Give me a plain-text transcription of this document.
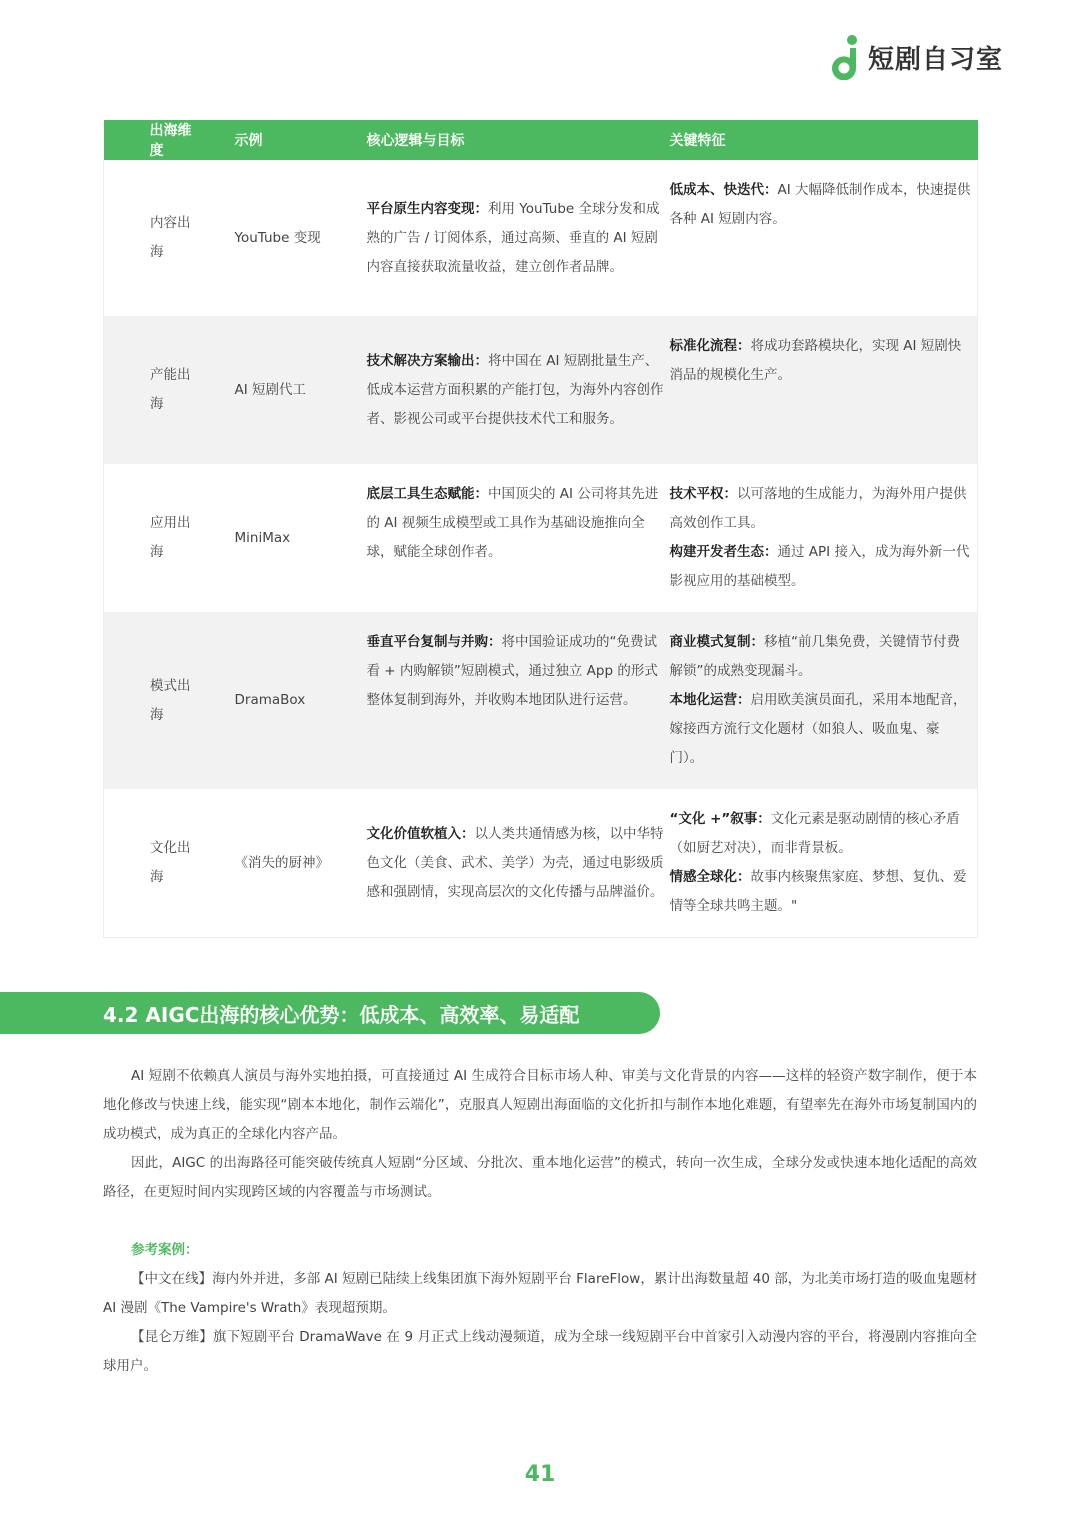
短剧自习室
出海维度	示例	核心逻辑与目标	关键特征
内容出海	YouTube 变现	平台原生内容变现：利用 YouTube 全球分发和成熟的广告 / 订阅体系，通过高频、垂直的 AI 短剧内容直接获取流量收益，建立创作者品牌。	低成本、快迭代：AI 大幅降低制作成本，快速提供各种 AI 短剧内容。

产能出海	AI 短剧代工	技术解决方案输出：将中国在 AI 短剧批量生产、低成本运营方面积累的产能打包，为海外内容创作者、影视公司或平台提供技术代工和服务。	标准化流程：将成功套路模块化，实现 AI 短剧快消品的规模化生产。

应用出海	MiniMax	底层工具生态赋能：中国顶尖的 AI 公司将其先进的 AI 视频生成模型或工具作为基础设施推向全球，赋能全球创作者。	技术平权：以可落地的生成能力，为海外用户提供高效创作工具。
构建开发者生态：通过 API 接入，成为海外新一代影视应用的基础模型。

模式出海	DramaBox	垂直平台复制与并购：将中国验证成功的“免费试看 + 内购解锁”短剧模式，通过独立 App 的形式整体复制到海外，并收购本地团队进行运营。	商业模式复制：移植“前几集免费，关键情节付费解锁”的成熟变现漏斗。
本地化运营：启用欧美演员面孔，采用本地配音，嫁接西方流行文化题材（如狼人、吸血鬼、豪门）。

文化出海	《消失的厨神》	文化价值软植入：以人类共通情感为核，以中华特色文化（美食、武术、美学）为壳，通过电影级质感和强剧情，实现高层次的文化传播与品牌溢价。	“文化 +”叙事：文化元素是驱动剧情的核心矛盾（如厨艺对决），而非背景板。
情感全球化：故事内核聚焦家庭、梦想、复仇、爱情等全球共鸣主题。"
4.2 AIGC出海的核心优势：低成本、高效率、易适配

AI 短剧不依赖真人演员与海外实地拍摄，可直接通过 AI 生成符合目标市场人种、审美与文化背景的内容——这样的轻资产数字制作，便于本地化修改与快速上线，能实现“剧本本地化，制作云端化”，克服真人短剧出海面临的文化折扣与制作本地化难题，有望率先在海外市场复制国内的成功模式，成为真正的全球化内容产品。

因此，AIGC 的出海路径可能突破传统真人短剧“分区域、分批次、重本地化运营”的模式，转向一次生成，全球分发或快速本地化适配的高效路径，在更短时间内实现跨区域的内容覆盖与市场测试。

参考案例：

【中文在线】海内外并进，多部 AI 短剧已陆续上线集团旗下海外短剧平台 FlareFlow，累计出海数量超 40 部，为北美市场打造的吸血鬼题材 AI 漫剧《The Vampire's Wrath》表现超预期。

【昆仑万维】旗下短剧平台 DramaWave 在 9 月正式上线动漫频道，成为全球一线短剧平台中首家引入动漫内容的平台，将漫剧内容推向全球用户。

41
